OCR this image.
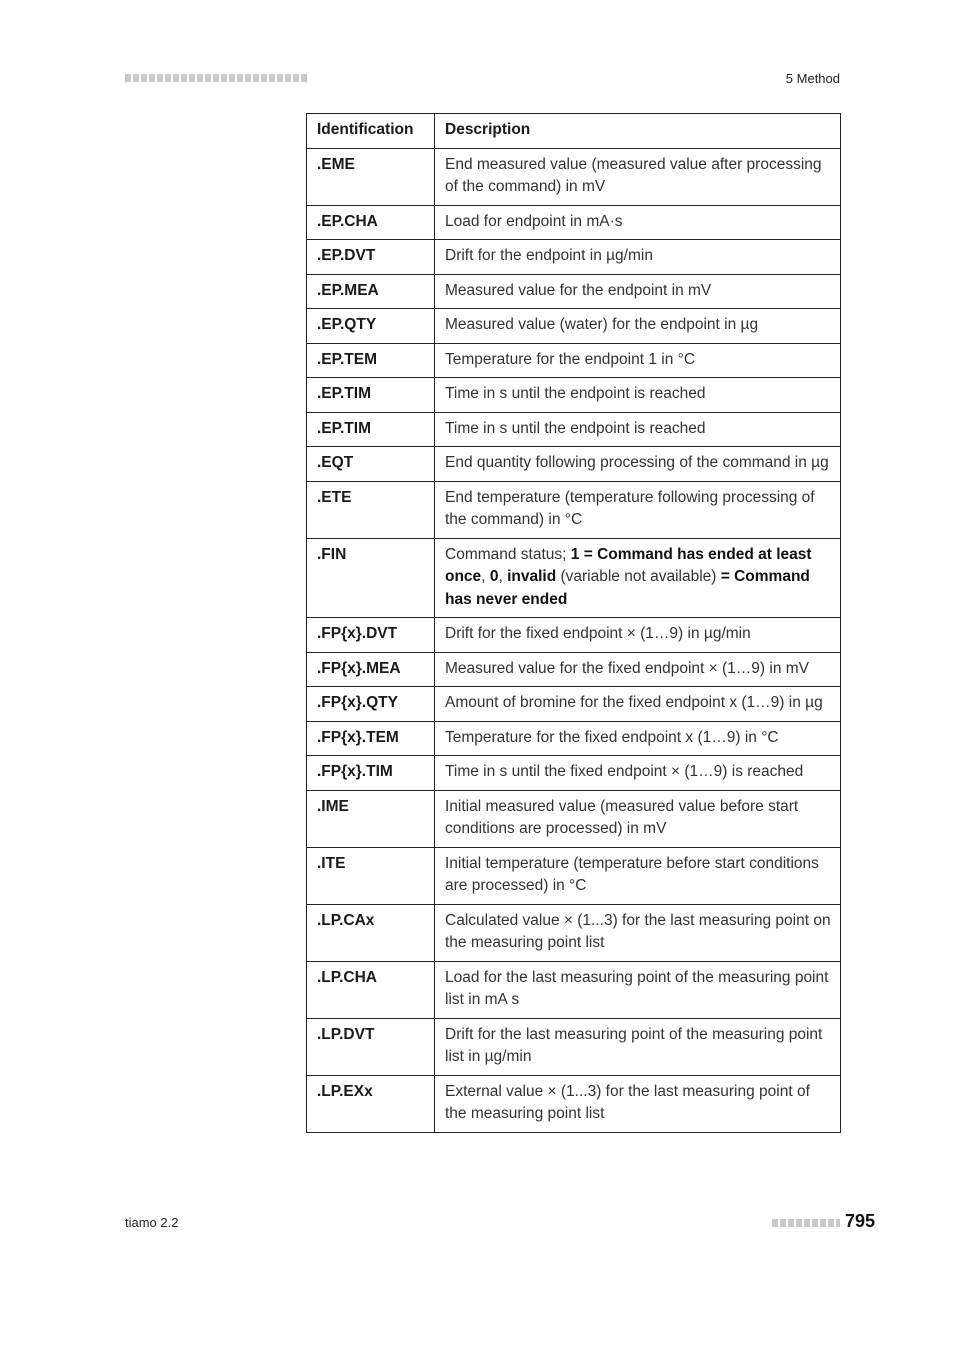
5 Method
Identification	Description
.EME	End measured value (measured value after processing of the command) in mV
.EP.CHA	Load for endpoint in mA·s
.EP.DVT	Drift for the endpoint in µg/min
.EP.MEA	Measured value for the endpoint in mV
.EP.QTY	Measured value (water) for the endpoint in µg
.EP.TEM	Temperature for the endpoint 1 in °C
.EP.TIM	Time in s until the endpoint is reached
.EP.TIM	Time in s until the endpoint is reached
.EQT	End quantity following processing of the command in µg
.ETE	End temperature (temperature following processing of the command) in °C
.FIN	Command status; 1 = Command has ended at least once, 0, invalid (variable not available) = Command has never ended
.FP{x}.DVT	Drift for the fixed endpoint × (1…9) in µg/min
.FP{x}.MEA	Measured value for the fixed endpoint × (1…9) in mV
.FP{x}.QTY	Amount of bromine for the fixed endpoint x (1…9) in µg
.FP{x}.TEM	Temperature for the fixed endpoint x (1…9) in °C
.FP{x}.TIM	Time in s until the fixed endpoint × (1…9) is reached
.IME	Initial measured value (measured value before start conditions are processed) in mV
.ITE	Initial temperature (temperature before start conditions are processed) in °C
.LP.CAx	Calculated value × (1...3) for the last measuring point on the measuring point list
.LP.CHA	Load for the last measuring point of the measuring point list in mA s
.LP.DVT	Drift for the last measuring point of the measuring point list in µg/min
.LP.EXx	External value × (1...3) for the last measuring point of the measuring point list
tiamo 2.2	795
